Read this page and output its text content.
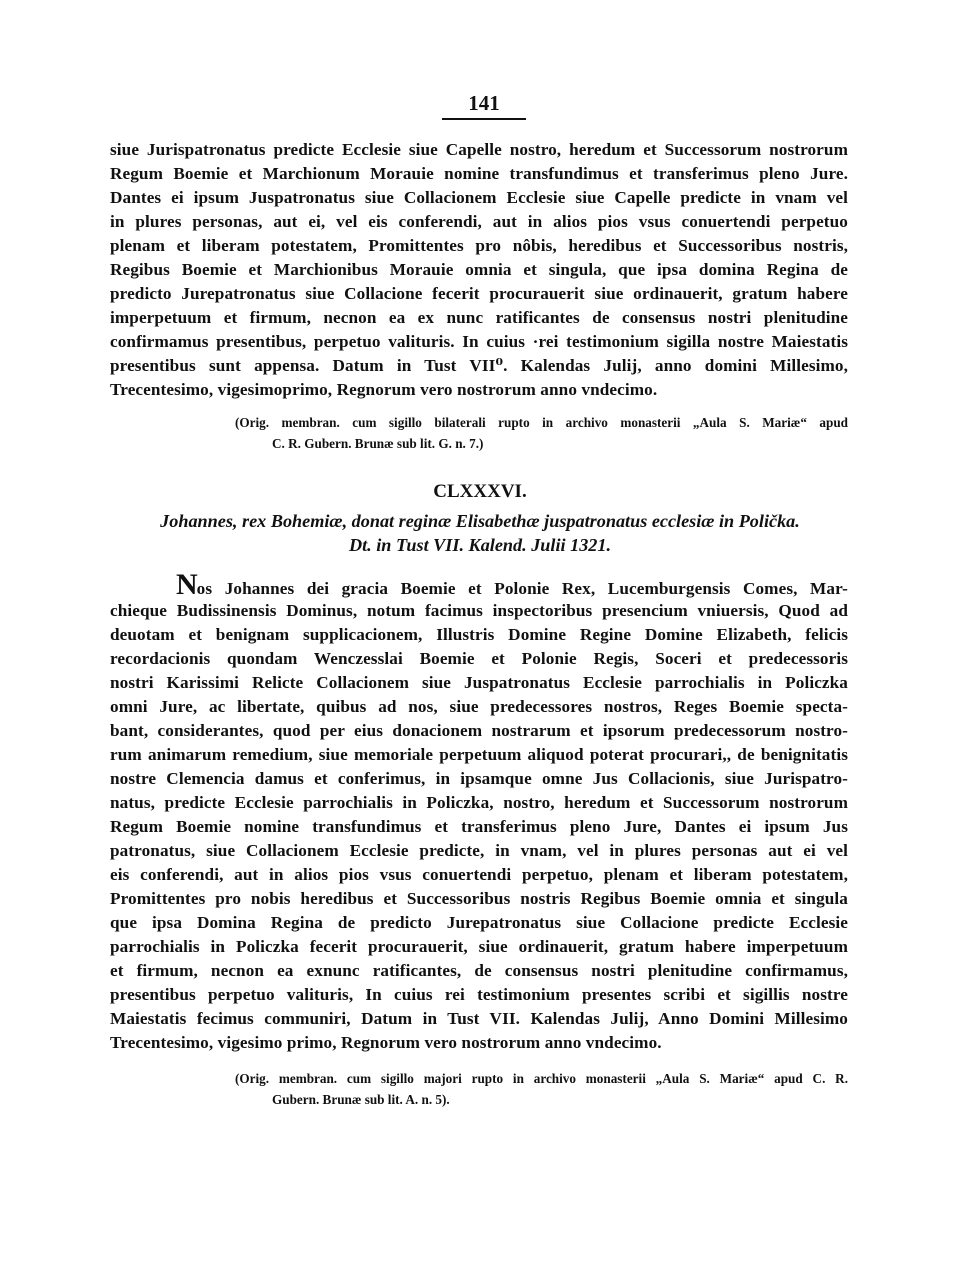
141
siue Jurispatronatus predicte Ecclesie siue Capelle nostro, heredum et Successorum nostrorum
Regum Boemie et Marchionum Morauie nomine transfundimus et transferimus pleno Jure.
Dantes ei ipsum Juspatronatus siue Collacionem Ecclesie siue Capelle predicte in vnam vel
in plures personas, aut ei, vel eis conferendi, aut in alios pios vsus conuertendi perpetuo
plenam et liberam potestatem, Promittentes pro nôbis, heredibus et Successoribus nostris,
Regibus Boemie et Marchionibus Morauie omnia et singula, que ipsa domina Regina de
predicto Jurepatronatus siue Collacione fecerit procurauerit siue ordinauerit, gratum habere
imperpetuum et firmum, necnon ea ex nunc ratificantes de consensus nostri plenitudine
confirmamus presentibus, perpetuo valituris. In cuius ·rei testimonium sigilla nostre Maiestatis
presentibus sunt appensa. Datum in Tust VII⁰. Kalendas Julij, anno domini Millesimo,
Trecentesimo, vigesimoprimo, Regnorum vero nostrorum anno vndecimo.
(Orig. membran. cum sigillo bilaterali rupto in archivo monasterii „Aula S. Mariæ“ apud
C. R. Gubern. Brunæ sub lit. G. n. 7.)
CLXXXVI.
Johannes, rex Bohemiæ, donat reginæ Elisabethæ juspatronatus ecclesiæ in Poličkа.
Dt. in Tust VII. Kalend. Julii 1321.
Nos Johannes dei gracia Boemie et Polonie Rex, Lucemburgensis Comes, Mar-
chieque Budissinensis Dominus, notum facimus inspectoribus presencium vniuersis, Quod ad
deuotam et benignam supplicacionem, Illustris Domine Regine Domine Elizabeth, felicis
recordacionis quondam Wenczesslai Boemie et Polonie Regis, Soceri et predecessoris
nostri Karissimi Relicte Collacionem siue Juspatronatus Ecclesie parrochialis in Policzka
omni Jure, ac libertate, quibus ad nos, siue predecessores nostros, Reges Boemie specta-
bant, considerantes, quod per eius donacionem nostrarum et ipsorum predecessorum nostro-
rum animarum remedium, siue memoriale perpetuum aliquod poterat procurari,, de benignitatis
nostre Clemencia damus et conferimus, in ipsamque omne Jus Collacionis, siue Jurispatro-
natus, predicte Ecclesie parrochialis in Policzka, nostro, heredum et Successorum nostrorum
Regum Boemie nomine transfundimus et transferimus pleno Jure, Dantes ei ipsum Jus
patronatus, siue Collacionem Ecclesie predicte, in vnam, vel in plures personas aut ei vel
eis conferendi, aut in alios pios vsus conuertendi perpetuo, plenam et liberam potestatem,
Promittentes pro nobis heredibus et Successoribus nostris Regibus Boemie omnia et singula
que ipsa Domina Regina de predicto Jurepatronatus siue Collacione predicte Ecclesie
parrochialis in Policzka fecerit procurauerit, siue ordinauerit, gratum habere imperpetuum
et firmum, necnon ea exnunc ratificantes, de consensus nostri plenitudine confirmamus,
presentibus perpetuo valituris, In cuius rei testimonium presentes scribi et sigillis nostre
Maiestatis fecimus communiri, Datum in Tust VII. Kalendas Julij, Anno Domini Millesimo
Trecentesimo, vigesimo primo, Regnorum vero nostrorum anno vndecimo.
(Orig. membran. cum sigillo majori rupto in archivo monasterii „Aula S. Mariæ“ apud C. R.
Gubern. Brunæ sub lit. A. n. 5).
